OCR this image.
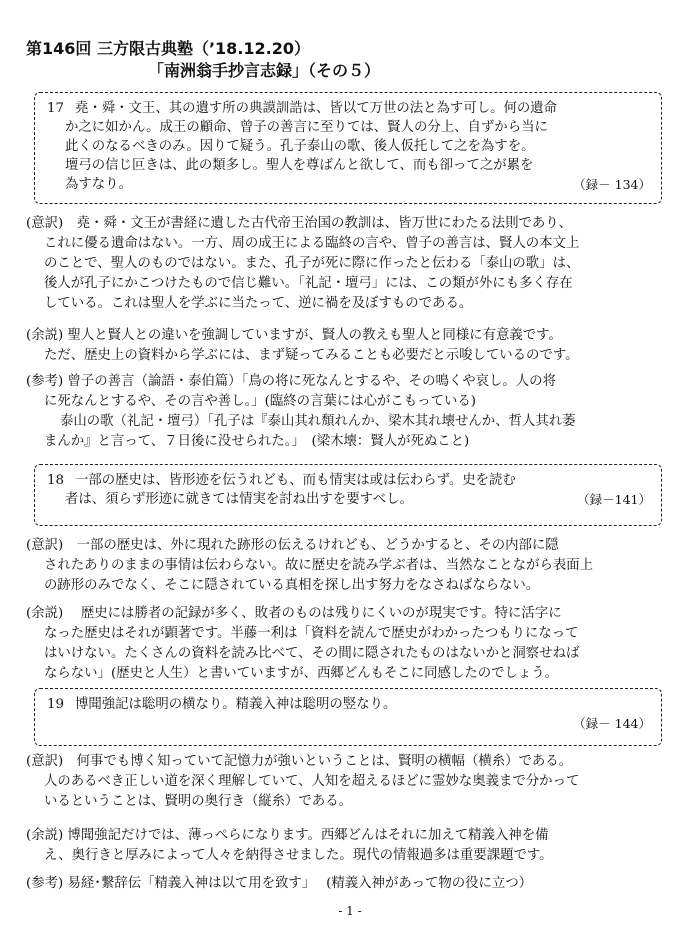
第146回 三方限古典塾（’18.12.20）
「南洲翁手抄言志録」（その５）
17 堯・舜・文王、其の遺す所の典謨訓誥は、皆以て万世の法と為す可し。何の遺命
か之に如かん。成王の顧命、曾子の善言に至りては、賢人の分上、自ずから当に
此くのなるべきのみ。因りて疑う。孔子泰山の歌、後人仮托して之を為すを。
壇弓の信じ叵きは、此の類多し。聖人を尊ばんと欲して、而も卻って之が累を
為すなり。	（録－ 134）
(意訳)　堯・舜・文王が書経に遺した古代帝王治国の教訓は、皆万世にわたる法則であり、
これに優る遺命はない。一方、周の成王による臨終の言や、曾子の善言は、賢人の本文上
のことで、聖人のものではない。また、孔子が死に際に作ったと伝わる「泰山の歌」は、
後人が孔子にかこつけたもので信じ難い。「礼記・壇弓」には、この類が外にも多く存在
している。これは聖人を学ぶに当たって、逆に禍を及ぼすものである。
(余説) 聖人と賢人との違いを強調していますが、賢人の教えも聖人と同様に有意義です。
ただ、歴史上の資料から学ぶには、まず疑ってみることも必要だと示唆しているのです。
(参考) 曾子の善言（論語・泰伯篇）「鳥の将に死なんとするや、その鳴くや哀し。人の将
に死なんとするや、その言や善し。」(臨終の言葉には心がこもっている)
泰山の歌（礼記・壇弓）「孔子は『泰山其れ頽れんか、梁木其れ壊せんか、哲人其れ萎
まんか』と言って、７日後に没せられた。」　(梁木壊：賢人が死ぬこと)
18 一部の歴史は、皆形迹を伝うれども、而も情実は或は伝わらず。史を読む
者は、須らず形迹に就きては情実を討ね出すを要すべし。	（録－141）
(意訳)　一部の歴史は、外に現れた跡形の伝えるけれども、どうかすると、その内部に隠
されたありのままの事情は伝わらない。故に歴史を読み学ぶ者は、当然なことながら表面上
の跡形のみでなく、そこに隠されている真相を探し出す努力をなさねばならない。
(余説)　 歴史には勝者の記録が多く、敗者のものは残りにくいのが現実です。特に活字に
なった歴史はそれが顕著です。半藤一利は「資料を読んで歴史がわかったつもりになって
はいけない。たくさんの資料を読み比べて、その間に隠されたものはないかと洞察せねば
ならない」(歴史と人生）と書いていますが、西郷どんもそこに同感したのでしょう。
19 博聞強記は聡明の横なり。精義入神は聡明の竪なり。
（録－ 144）
(意訳)　何事でも博く知っていて記憶力が強いということは、賢明の横幅（横糸）である。
人のあるべき正しい道を深く理解していて、人知を超えるほどに霊妙な奥義まで分かって
いるということは、賢明の奥行き（縦糸）である。
(余説) 博聞強記だけでは、薄っぺらになります。西郷どんはそれに加えて精義入神を備
え、奥行きと厚みによって人々を納得させました。現代の情報過多は重要課題です。
(参考) 易経･繋辞伝「精義入神は以て用を致す」　 (精義入神があって物の役に立つ）
- 1 -
